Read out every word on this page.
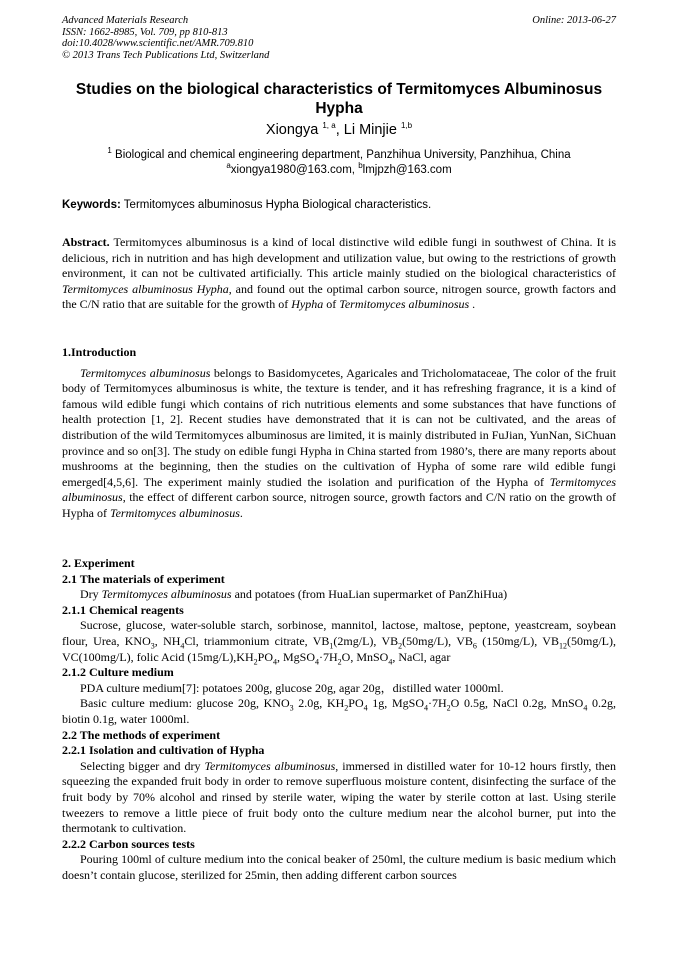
Advanced Materials Research
ISSN: 1662-8985, Vol. 709, pp 810-813
doi:10.4028/www.scientific.net/AMR.709.810
© 2013 Trans Tech Publications Ltd, Switzerland
Online: 2013-06-27
Studies on the biological characteristics of Termitomyces Albuminosus Hypha
Xiongya $^{1, a}$, Li Minjie $^{1,b}$
$^1$ Biological and chemical engineering department, Panzhihua University, Panzhihua, China
$^a$xiongya1980@163.com, $^b$lmjpzh@163.com
Keywords: Termitomyces albuminosus Hypha Biological characteristics.

Abstract. Termitomyces albuminosus is a kind of local distinctive wild edible fungi in southwest of China. It is delicious, rich in nutrition and has high development and utilization value, but owing to the restrictions of growth environment, it can not be cultivated artificially. This article mainly studied on the biological characteristics of Termitomyces albuminosus Hypha, and found out the optimal carbon source, nitrogen source, growth factors and the C/N ratio that are suitable for the growth of Hypha of Termitomyces albuminosus .

1.Introduction

Termitomyces albuminosus belongs to Basidomycetes, Agaricales and Tricholomataceae, The color of the fruit body of Termitomyces albuminosus is white, the texture is tender, and it has refreshing fragrance, it is a kind of famous wild edible fungi which contains of rich nutritious elements and some substances that have functions of health protection [1, 2]. Recent studies have demonstrated that it is can not be cultivated, and the areas of distribution of the wild Termitomyces albuminosus are limited, it is mainly distributed in FuJian, YunNan, SiChuan province and so on[3]. The study on edible fungi Hypha in China started from 1980’s, there are many reports about mushrooms at the beginning, then the studies on the cultivation of Hypha of some rare wild edible fungi emerged[4,5,6]. The experiment mainly studied the isolation and purification of the Hypha of Termitomyces albuminosus, the effect of different carbon source, nitrogen source, growth factors and C/N ratio on the growth of Hypha of Termitomyces albuminosus.

2. Experiment

2.1 The materials of experiment

Dry Termitomyces albuminosus and potatoes (from HuaLian supermarket of PanZhiHua)

2.1.1 Chemical reagents

Sucrose, glucose, water-soluble starch, sorbinose, mannitol, lactose, maltose, peptone, yeastcream, soybean flour, Urea, $KNO_3$, $NH_4Cl$, triammonium citrate, $VB_1(2mg/L)$, $VB_2(50mg/L)$, $VB_6$ (150mg/L), $VB_{12}(50mg/L)$, VC(100mg/L), folic Acid $(15mg/L),KH_2PO_4$, $MgSO_4\cdot 7H_2O$, MnSO$_4$, NaCl, agar

2.1.2 Culture medium

PDA culture medium[7]: potatoes 200g, glucose 20g, agar 20g，distilled water 1000ml.

Basic culture medium: glucose 20g, $KNO_3$ 2.0g, $KH_2PO_4$ 1g, $MgSO_4\cdot 7H_2O$ 0.5g, NaCl 0.2g, MnSO$_4$ 0.2g, biotin 0.1g, water 1000ml.

2.2 The methods of experiment

2.2.1 Isolation and cultivation of Hypha

Selecting bigger and dry Termitomyces albuminosus, immersed in distilled water for 10-12 hours firstly, then squeezing the expanded fruit body in order to remove superfluous moisture content, disinfecting the surface of the fruit body by 70% alcohol and rinsed by sterile water, wiping the water by sterile cotton at last. Using sterile tweezers to remove a little piece of fruit body onto the culture medium near the alcohol burner, put into the thermotank to cultivation.

2.2.2 Carbon sources tests

Pouring 100ml of culture medium into the conical beaker of 250ml, the culture medium is basic medium which doesn’t contain glucose, sterilized for 25min, then adding different carbon sources
